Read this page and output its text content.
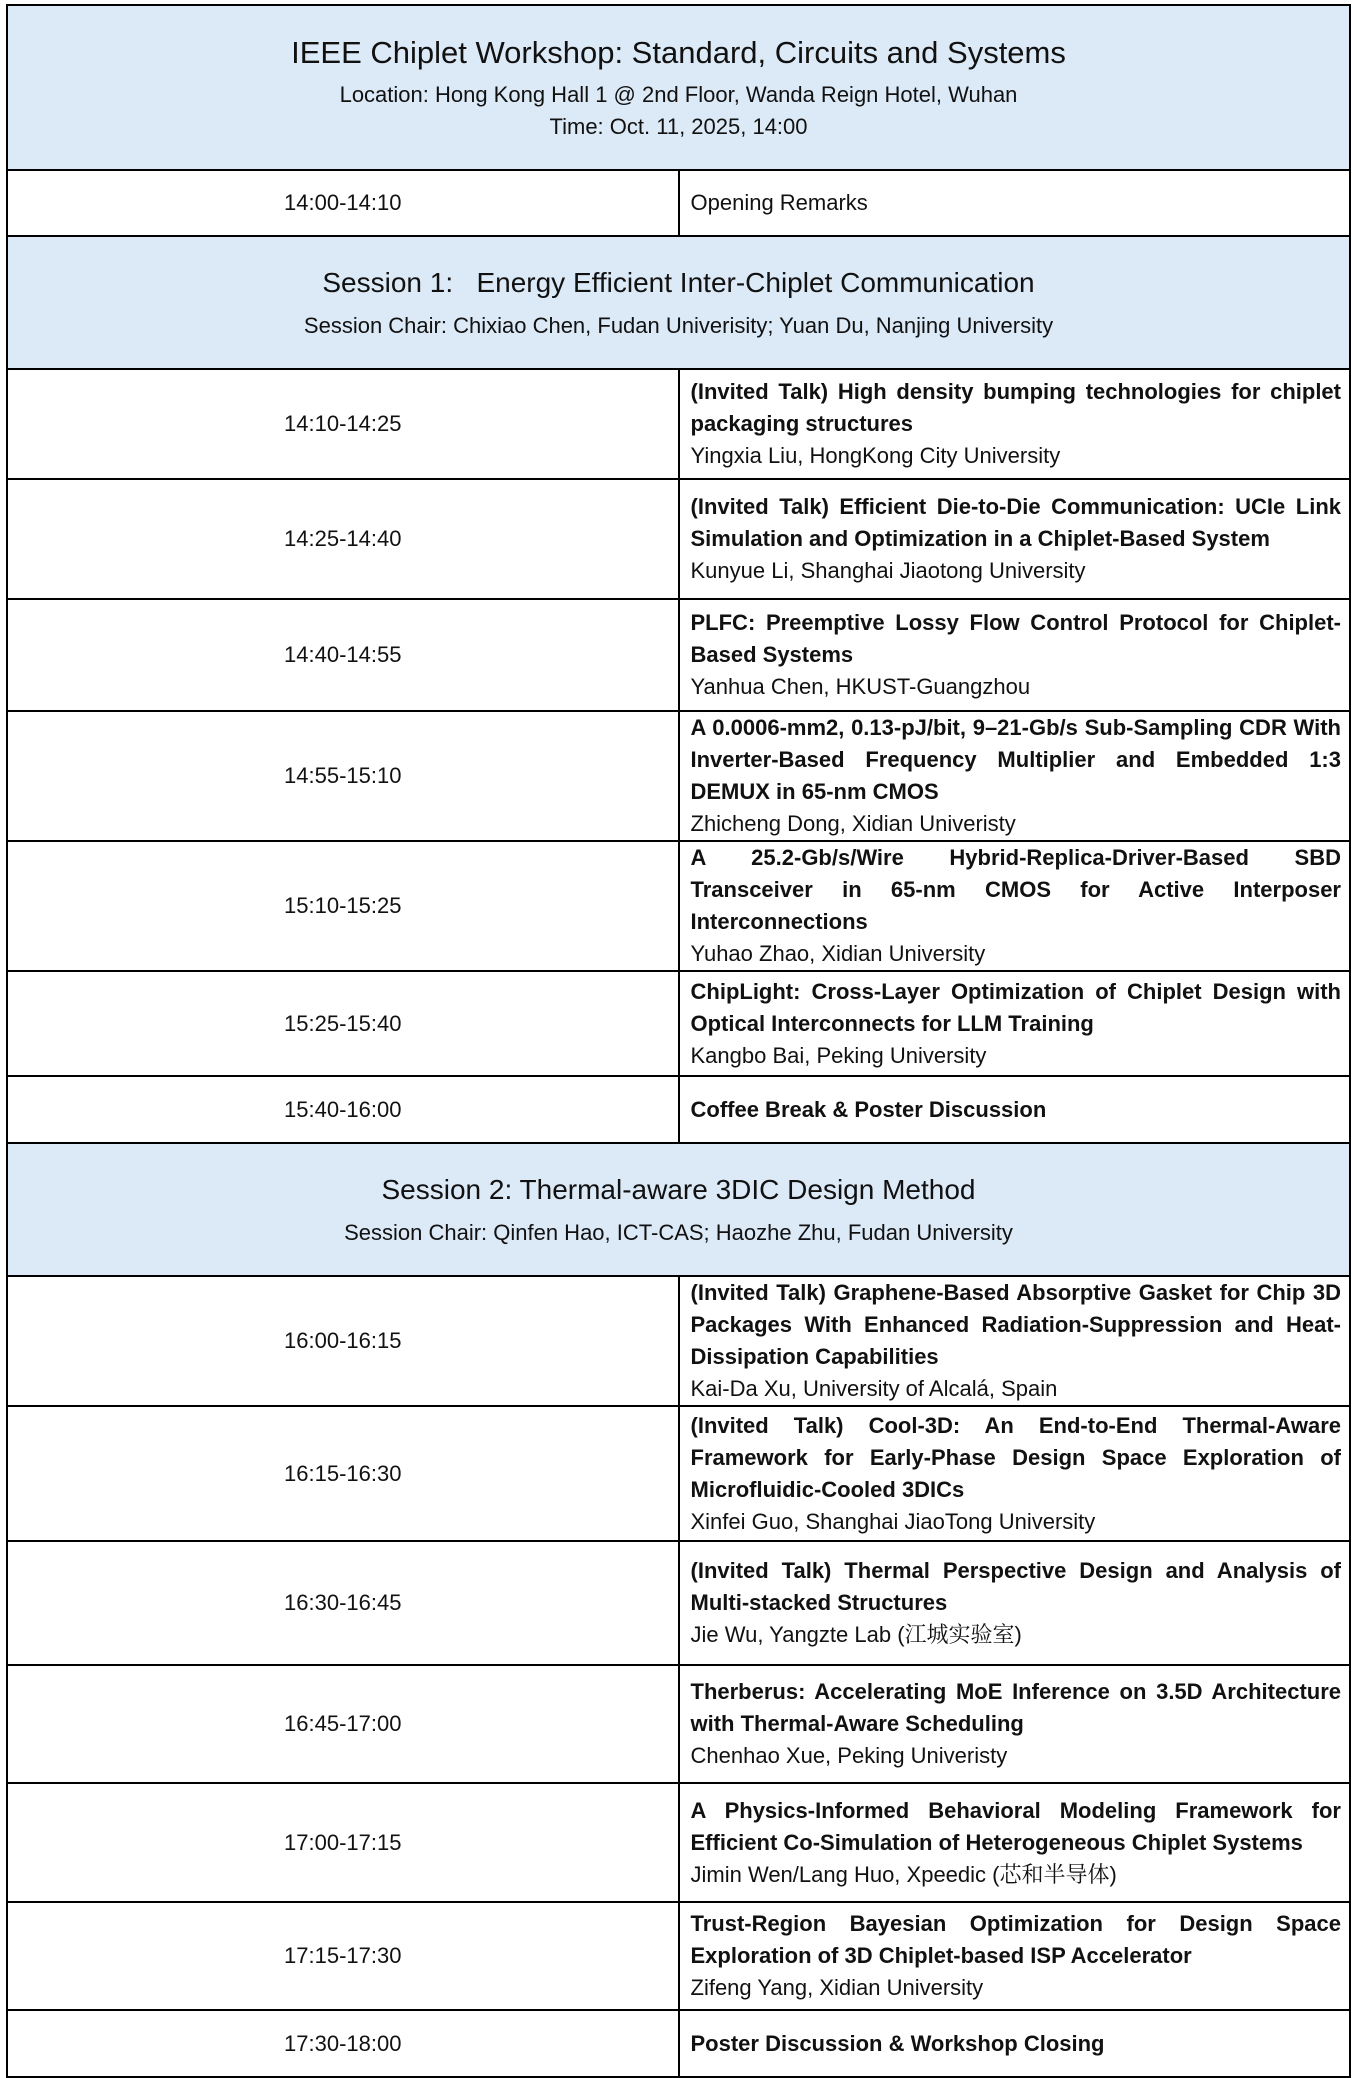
IEEE Chiplet Workshop: Standard, Circuits and Systems
Location: Hong Kong Hall 1 @ 2nd Floor, Wanda Reign Hotel, Wuhan
Time: Oct. 11, 2025, 14:00	

14:00-14:10	Opening Remarks

Session 1:   Energy Efficient Inter-Chiplet Communication
Session Chair: Chixiao Chen, Fudan Univerisity; Yuan Du, Nanjing University	

14:10-14:25	(Invited Talk) High density bumping technologies for chiplet packaging structures
Yingxia Liu, HongKong City University

14:25-14:40	(Invited Talk) Efficient Die-to-Die Communication: UCIe Link Simulation and Optimization in a Chiplet-Based System
Kunyue Li, Shanghai Jiaotong University

14:40-14:55	PLFC: Preemptive Lossy Flow Control Protocol for Chiplet-Based Systems
Yanhua Chen, HKUST-Guangzhou

14:55-15:10	A 0.0006-mm2, 0.13-pJ/bit, 9–21-Gb/s Sub-Sampling CDR With Inverter-Based Frequency Multiplier and Embedded 1:3 DEMUX in 65-nm CMOS
Zhicheng Dong, Xidian Univeristy

15:10-15:25	A 25.2-Gb/s/Wire Hybrid-Replica-Driver-Based SBD Transceiver in 65-nm CMOS for Active Interposer Interconnections
Yuhao Zhao, Xidian University

15:25-15:40	ChipLight: Cross-Layer Optimization of Chiplet Design with Optical Interconnects for LLM Training
Kangbo Bai, Peking University

15:40-16:00	Coffee Break & Poster Discussion

Session 2: Thermal-aware 3DIC Design Method
Session Chair: Qinfen Hao, ICT-CAS; Haozhe Zhu, Fudan University	

16:00-16:15	(Invited Talk) Graphene-Based Absorptive Gasket for Chip 3D Packages With Enhanced Radiation-Suppression and Heat-Dissipation Capabilities
Kai-Da Xu, University of Alcalá, Spain

16:15-16:30	(Invited Talk) Cool-3D: An End-to-End Thermal-Aware Framework for Early-Phase Design Space Exploration of Microfluidic-Cooled 3DICs
Xinfei Guo, Shanghai JiaoTong University

16:30-16:45	(Invited Talk) Thermal Perspective Design and Analysis of Multi-stacked Structures
Jie Wu, Yangzte Lab (江城实验室)

16:45-17:00	Therberus: Accelerating MoE Inference on 3.5D Architecture with Thermal-Aware Scheduling
Chenhao Xue, Peking Univeristy

17:00-17:15	A Physics-Informed Behavioral Modeling Framework for Efficient Co-Simulation of Heterogeneous Chiplet Systems
Jimin Wen/Lang Huo, Xpeedic (芯和半导体)

17:15-17:30	Trust-Region Bayesian Optimization for Design Space Exploration of 3D Chiplet-based ISP Accelerator
Zifeng Yang, Xidian University

17:30-18:00	Poster Discussion & Workshop Closing
